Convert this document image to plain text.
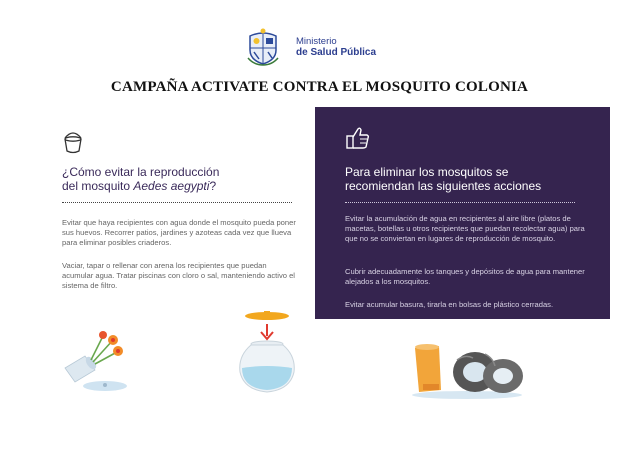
Ministerio
de Salud Pública
CAMPAÑA ACTIVATE CONTRA EL MOSQUITO COLONIA
¿Cómo evitar la reproducción
del mosquito Aedes aegypti?
Evitar que haya recipientes con agua donde el mosquito pueda poner sus huevos. Recorrer patios, jardines y azoteas cada vez que llueva para eliminar posibles criaderos.
Vaciar, tapar o rellenar con arena los recipientes que puedan acumular agua. Tratar piscinas con cloro o sal, manteniendo activo el sistema de filtro.
Para eliminar los mosquitos se
recomiendan las siguientes acciones
Evitar la acumulación de agua en recipientes al aire libre (platos de macetas, botellas u otros recipientes que puedan recolectar agua) para que no se conviertan en lugares de reproducción de mosquito.
Cubrir adecuadamente los tanques y depósitos de agua para mantener alejados a los mosquitos.
Evitar acumular basura, tirarla en bolsas de plástico cerradas.
